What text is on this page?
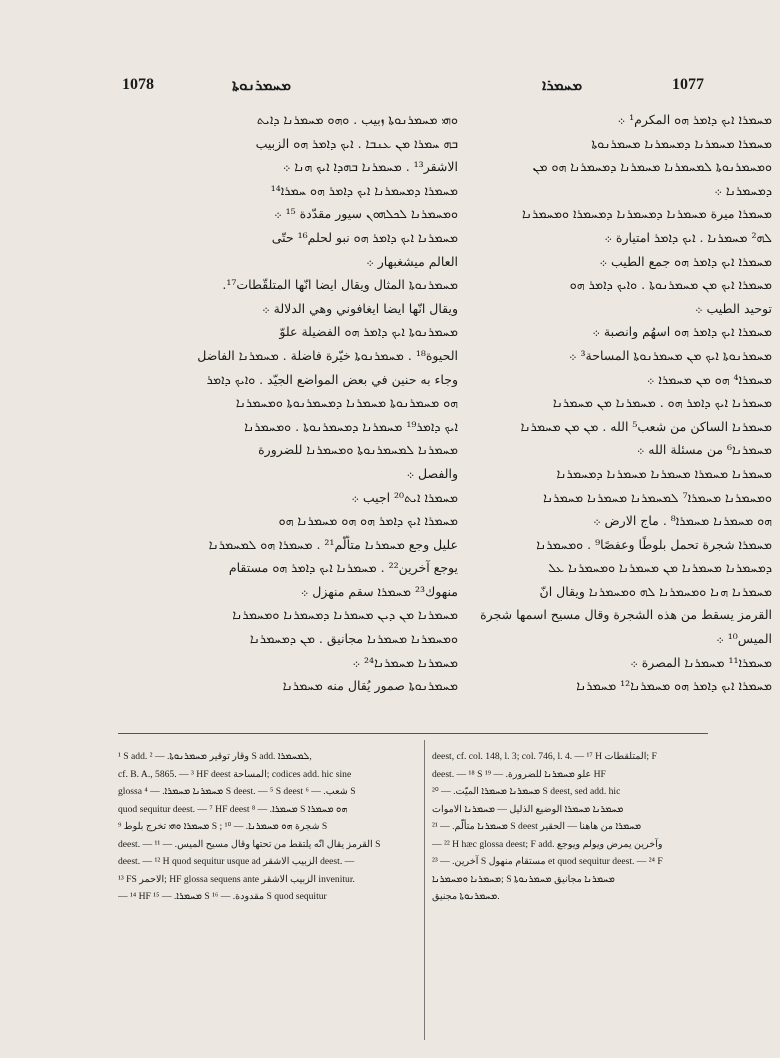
1078	ܡܚܡܪܢܘܬܐ	ܡܚܡܪܐ	1077
ܘܗܝ ܡܚܡܪܢܘܬܐ ܙبيب . ܘܗܘ ܡܚܡܪܢܐ ܕܐܝܬ
ܒܗ ܚܡܪܐ ܡܢ ܥܢܒܐ . ܐܝܟ ܕܐܡܪ ܗܘ الزبيب
الاشقر¹³ . ܡܚܡܪܢܐ ܒܗܕܐ ܐܝܟ ܗܢܐ ܀
ܡܚܡܪܐ ܕܡܚܡܪܢܐ ܐܝܟ ܕܐܡܪ ܗܘ ܚܡܪܐ¹⁴
ܘܡܚܡܪܢܐ ܠܟܠܗܘܢ سيور مقدّدة ¹⁵ ܀
ܡܚܡܪܢܐ ܐܝܟ ܕܐܡܪ ܗܘ نبو لحلم¹⁶ حتّى
العالم ميشغبهار ܀
ܡܚܡܪܢܘܬܐ المثال ويقال ايضا انّها المتلقّطات¹⁷.
ويقال انّها ايضا ايغافوني وهي الدلالة ܀
ܡܚܡܪܢܘܬܐ ܐܝܟ ܕܐܡܪ ܗܘ الفضيلة علوّ
الحيوة¹⁸ . ܡܚܡܪܢܘܬܐ خيّرة فاضلة . ܡܚܡܪܢܐ الفاضل
وجاء به حنين في بعض المواضع الجيّد . ܘܐܝܟ ܕܐܡܪ
ܗܘ ܡܚܡܪܢܘܬܐ ܡܚܡܪܢܐ ܕܡܚܡܪܢܘܬܐ ܘܡܚܡܪܢܐ
ܐܝܟ ܕܐܡܪ¹⁹ ܡܚܡܪܢܐ ܕܡܚܡܪܢܘܬܐ . ܘܡܚܡܪܢܐ
ܡܚܡܪܢܐ ܠܡܚܡܪܢܘܬܐ ܘܡܚܡܪܢܐ للضرورة
والفصل ܀
ܡܚܡܪܐ ܐܝܬ²⁰ اجيب ܀
ܡܚܡܪܐ ܐܝܟ ܕܐܡܪ ܗܘ ܗܘ ܡܚܡܪܢܐ ܗܘ
عليل وجع ܡܚܡܪܢܐ متألّم²¹ . ܡܚܡܪܐ ܗܘ ܠܡܚܡܪܢܐ
يوجع آخرين²² . ܡܚܡܪܢܐ ܐܝܟ ܕܐܡܪ ܗܘ مستقام
منهوك²³ ܡܚܡܪܐ سقم منهزل ܀
ܡܚܡܪܢܐ ܡܢ ܕܝܢ ܡܚܡܪܢܐ ܕܡܚܡܪܢܐ ܘܡܚܡܪܢܐ
ܘܡܚܡܪܢܐ ܡܚܡܪܢܐ مجانيق . ܡܢ ܕܡܚܡܪܢܐ
ܡܚܡܪܢܐ ܡܚܡܪܢܐ²⁴ ܀
ܡܚܡܪܢܘܬܐ صمور يُقال منه ܡܚܡܪܢܐ
ܡܚܡܪܐ ܐܝܟ ܕܐܡܪ ܗܘ المكرم¹ ܀
ܡܚܡܪܐ ܡܚܡܪܢܐ ܕܡܚܡܪܢܐ ܡܚܡܪܢܘܬܐ
ܘܡܚܡܪܢܘܬܐ ܠܡܚܡܪܢܐ ܡܚܡܪܢܐ ܕܡܚܡܪܢܐ ܗܘ ܡܢ
ܕܡܚܡܪܢܐ ܀
ܡܚܡܪܐ ميرة ܡܚܡܪܢܐ ܕܡܚܡܪܢܐ ܕܡܚܡܪܐ ܘܡܚܡܪܢܐ
ܠܗ² ܡܚܡܪܢܐ . ܐܝܟ ܕܐܡܪ امتيارة ܀
ܡܚܡܪܐ ܐܝܟ ܕܐܡܪ ܗܘ جمع الطيب ܀
ܡܚܡܪܐ ܐܝܟ ܡܢ ܡܚܡܪܢܘܬܐ . ܘܐܝܟ ܕܐܡܪ ܗܘ
توحيد الطيب ܀
ܡܚܡܪܐ ܐܝܟ ܕܐܡܪ ܗܘ اسهُم وانصبة ܀
ܡܚܡܪܢܘܬܐ ܐܝܟ ܡܢ ܡܚܡܪܢܘܬܐ المساحة³ ܀
ܡܚܡܪܐ⁴ ܗܘ ܡܢ ܡܚܡܪܐ ܀
ܡܚܡܪܢܐ ܐܝܟ ܕܐܡܪ ܗܘ . ܡܚܡܪܢܐ ܡܢ ܡܚܡܪܢܐ
ܡܚܡܪܢܐ الساكن من شعب⁵ الله . ܡܢ ܡܢ ܡܚܡܪܢܐ
ܡܚܡܪܢܐ⁶ من مسئلة الله ܀
ܡܚܡܪܢܐ ܡܚܡܪܐ ܡܚܡܪܢܐ ܡܚܡܪܢܐ ܕܡܚܡܪܢܐ
ܘܡܚܡܪܢܐ ܡܚܡܪܐ⁷ ܠܡܚܡܪܢܐ ܡܚܡܪܢܐ ܡܚܡܪܢܐ
ܗܘ ܡܚܡܪܢܐ ܡܚܡܪܐ⁸ . ماج الارض ܀
ܡܚܡܪܐ شجرة تحمل بلوطًا وعفصًا⁹ . ܘܡܚܡܪܢܐ
ܕܡܚܡܪܢܐ ܡܚܡܪܢܐ ܡܢ ܡܚܡܪܢܐ ܘܡܚܡܪܢܐ ܥܠ
ܡܚܡܪܢܐ ܗܢܐ ܘܡܚܡܪܢܐ ܠܗ ܘܡܚܡܪܢܐ ويقال انّ
القرمز يسقط من هذه الشجرة وقال مسيح اسمها شجرة
الميس¹⁰ ܀
ܡܚܡܪܐ¹¹ ܡܚܡܪܢܐ المصرة ܀
ܡܚܡܪܐ ܐܝܟ ܕܐܡܪ ܗܘ ܡܚܡܪܢܐ¹² ܡܚܡܪܢܐ
¹ S add. وقار توقير ܡܚܡܪܢܘܬܐ. — ² S add. ܠܡܚܡܪܐ,
cf. B. A., 5865. — ³ HF deest المساحة; codices add. hic sine
glossa ܡܚܡܪܢܐ ܡܚܡܪܐ. — ⁴ S deest. — ⁵ S deest شعب. — ⁶ S
quod sequitur deest. — ⁷ HF deest ܡܚܡܪܐ. — ⁸ S ܗܘ ܡܚܡܪܐ
ܡܚܡܪܐ ܘܗܝ تخرج بلوط ⁹ S ; شجرة ܗܘ ܡܚܡܪܢܐ. — ¹⁰ S
deest. — القرمز يقال انّه يلتقط من تحتها وقال مسيح الميس. — ¹¹ S
deest. — ¹² H quod sequitur usque ad الزبيب الاشقر deest. —
¹³ FS الاحمر; HF glossa sequens ante الزبيب الاشقر invenitur.
— ¹⁴ HF ܡܚܡܪܐ. — ¹⁵ S مقدودة. — ¹⁶ S quod sequitur
deest, cf. col. 148, l. 3; col. 746, l. 4. — ¹⁷ H المتلقطات; F
deest. — ¹⁸ S علو ܡܚܡܪܢܐ للضرورة. — ¹⁹ HF
ܡܚܡܪܢܐ ܡܚܡܪܐ الميّت. — ²⁰ S deest, sed add. hic
ܡܚܡܪܢܐ ܡܚܡܪܐ الوضيع الذليل — ܡܚܡܪܢܐ الاموات
ܡܚܡܪܢܐ متألّم. — ²¹ S deest ܡܚܡܪܐ من هاهنا — الحقير
— ²² H hæc glossa deest; F add. وآخرين يمرض ويولم ويوجع
آخرين. — ²³ S مستقام منهول et quod sequitur deest. — ²⁴ F
ܡܚܡܪܢܐ ܘܡܚܡܪܢܐ; S ܡܚܡܪܢܐ مجانيق ܡܚܡܪܢܘܬܐ
ܡܚܡܪܢܘܬܐ مجنيق.
